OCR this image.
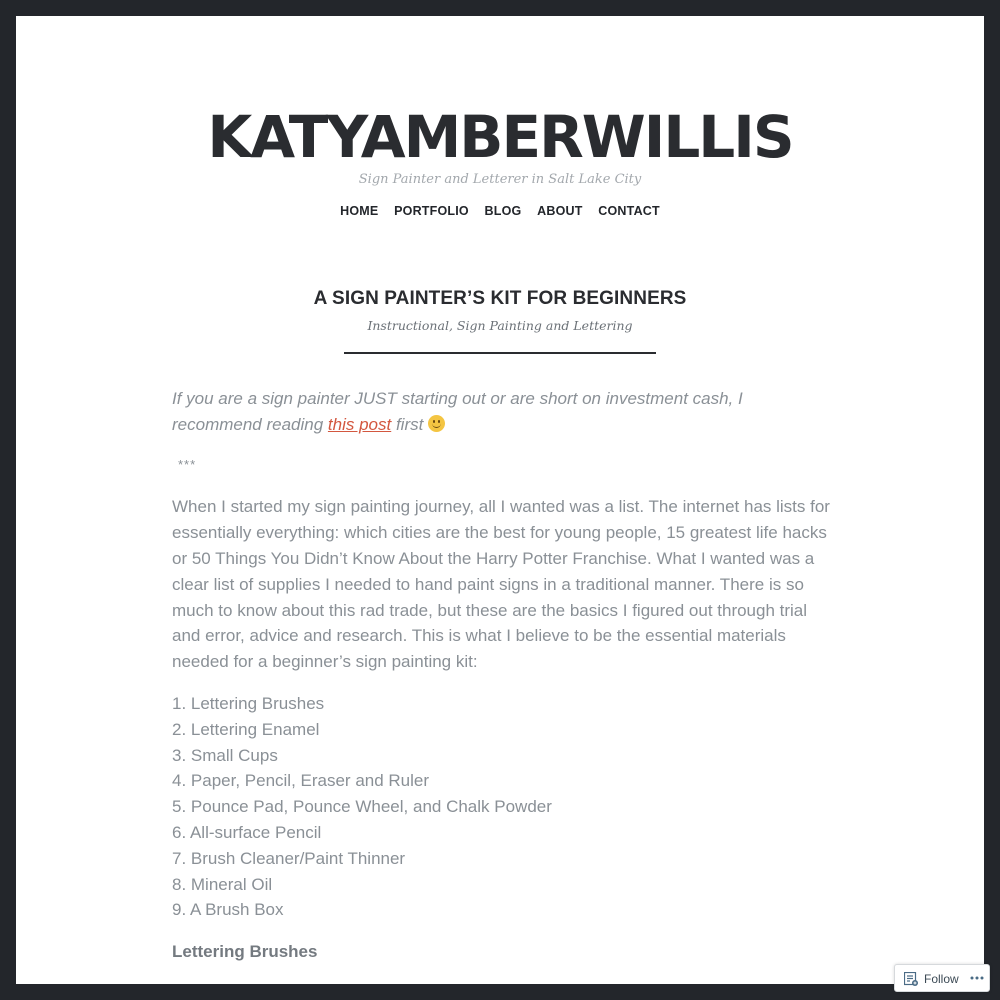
KATYAMBERWILLIS
Sign Painter and Letterer in Salt Lake City
HOME PORTFOLIO BLOG ABOUT CONTACT
A SIGN PAINTER’S KIT FOR BEGINNERS
Instructional, Sign Painting and Lettering

If you are a sign painter JUST starting out or are short on investment cash, I recommend reading this post first

***

When I started my sign painting journey, all I wanted was a list. The internet has lists for essentially everything: which cities are the best for young people, 15 greatest life hacks or 50 Things You Didn’t Know About the Harry Potter Franchise. What I wanted was a clear list of supplies I needed to hand paint signs in a traditional manner. There is so much to know about this rad trade, but these are the basics I figured out through trial and error, advice and research. This is what I believe to be the essential materials needed for a beginner’s sign painting kit:

1. Lettering Brushes
2. Lettering Enamel
3. Small Cups
4. Paper, Pencil, Eraser and Ruler
5. Pounce Pad, Pounce Wheel, and Chalk Powder
6. All-surface Pencil
7. Brush Cleaner/Paint Thinner
8. Mineral Oil
9. A Brush Box
Lettering Brushes
Follow
